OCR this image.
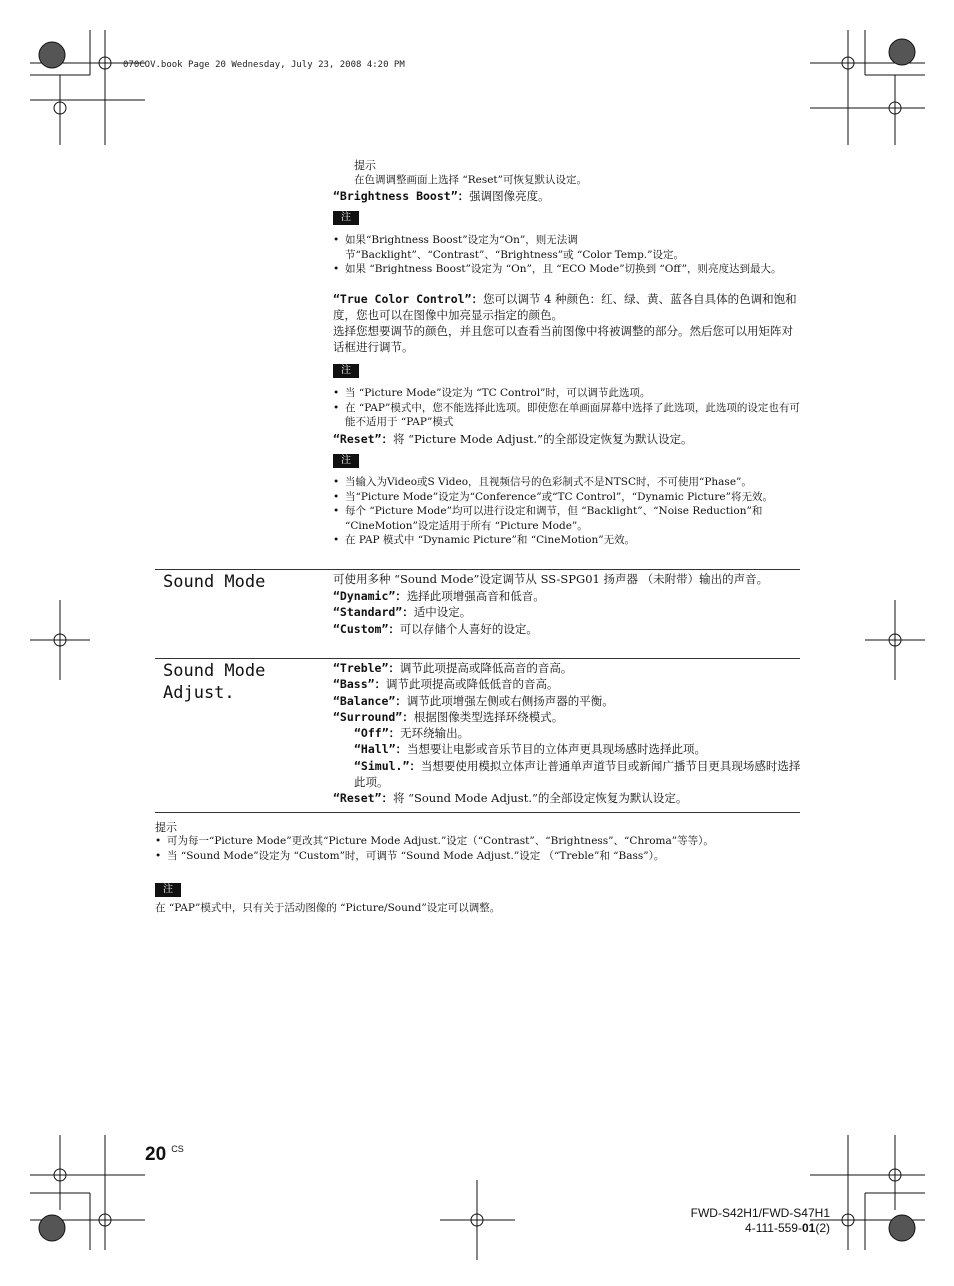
070COV.book Page 20 Wednesday, July 23, 2008 4:20 PM
提示
在色调调整画面上选择 “Reset”可恢复默认设定。
“Brightness Boost”：强调图像亮度。
注
• 如果“Brightness Boost”设定为“On”，则无法调节“Backlight”、“Contrast”、“Brightness”或 “Color Temp.”设定。
• 如果 “Brightness Boost”设定为 “On”，且 “ECO Mode”切换到 “Off”，则亮度达到最大。
“True Color Control”：您可以调节 4 种颜色：红、绿、黄、蓝各自具体的色调和饱和度，您也可以在图像中加亮显示指定的颜色。
选择您想要调节的颜色，并且您可以查看当前图像中将被调整的部分。然后您可以用矩阵对话框进行调节。
注
• 当 “Picture Mode”设定为 “TC Control”时，可以调节此选项。
• 在 “PAP”模式中，您不能选择此选项。即使您在单画面屏幕中选择了此选项，此选项的设定也有可能不适用于 “PAP”模式
“Reset”：将 “Picture Mode Adjust.”的全部设定恢复为默认设定。
注
• 当输入为Video或S Video，且视频信号的色彩制式不是NTSC时，不可使用“Phase”。
• 当“Picture Mode”设定为“Conference”或“TC Control”，“Dynamic Picture”将无效。
• 每个 “Picture Mode”均可以进行设定和调节，但 “Backlight”、“Noise Reduction”和 “CineMotion”设定适用于所有 “Picture Mode”。
• 在 PAP 模式中 “Dynamic Picture”和 “CineMotion”无效。
Sound Mode	可使用多种 “Sound Mode”设定调节从 SS-SPG01 扬声器 （未附带）输出的声音。
“Dynamic”：选择此项增强高音和低音。
“Standard”：适中设定。
“Custom”：可以存储个人喜好的设定。
Sound Mode
Adjust.
“Treble”：调节此项提高或降低高音的音高。
“Bass”：调节此项提高或降低低音的音高。
“Balance”：调节此项增强左侧或右侧扬声器的平衡。
“Surround”：根据图像类型选择环绕模式。
“Off”：无环绕输出。
“Hall”：当想要让电影或音乐节目的立体声更具现场感时选择此项。
“Simul.”：当想要使用模拟立体声让普通单声道节目或新闻广播节目更具现场感时选择此项。
“Reset”：将 “Sound Mode Adjust.”的全部设定恢复为默认设定。
提示
• 可为每一“Picture Mode”更改其“Picture Mode Adjust.”设定（“Contrast”、“Brightness”、“Chroma”等等）。
• 当 “Sound Mode”设定为 “Custom”时，可调节 “Sound Mode Adjust.”设定 （“Treble”和 “Bass”）。
注
在 “PAP”模式中，只有关于活动图像的 “Picture/Sound”设定可以调整。
20 $^{CS}$
FWD-S42H1/FWD-S47H1
4-111-559-01(2)
